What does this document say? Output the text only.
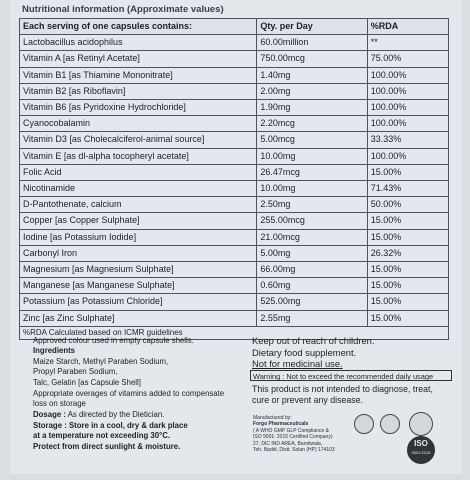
Nutritional information (Approximate values)
Each serving of one capsules contains:	Qty. per Day	%RDA
Lactobacillus acidophilus	60.00million	**
Vitamin A [as Retinyl Acetate]	750.00mcg	75.00%
Vitamin B1 [as Thiamine Mononitrate]	1.40mg	100.00%
Vitamin B2 [as Riboflavin]	2.00mg	100.00%
Vitamin B6 [as Pyridoxine Hydrochloride]	1.90mg	100.00%
Cyanocobalamin	2.20mcg	100.00%
Vitamin D3 [as Cholecalciferol-animal source]	5.00mcg	33.33%
Vitamin E [as dl-alpha tocopheryl acetate]	10.00mg	100.00%
Folic Acid	26.47mcg	15.00%
Nicotinamide	10.00mg	71.43%
D-Pantothenate, calcium	2.50mg	50.00%
Copper [as Copper Sulphate]	255.00mcg	15.00%
Iodine [as Potassium Iodide]	21.00mcg	15.00%
Carbonyl Iron	5.00mg	26.32%
Magnesium [as Magnesium Sulphate]	66.00mg	15.00%
Manganese [as Manganese Sulphate]	0.60mg	15.00%
Potassium [as Potassium Chloride]	525.00mg	15.00%
Zinc [as Zinc Sulphate]	2.55mg	15.00%
%RDA Calculated based on ICMR guidelines		
Approved colour used in empty capsule shells.
Ingredients
Maize Starch, Methyl Paraben Sodium,
Propyl Paraben Sodium,
Talc, Gelatin [as Capsule Shell]
Appropriate overages of vitamins added to compensate
loss on storage
Dosage : As directed by the Dietician.
Storage : Store in a cool, dry & dark place
at a temperature not exceeding 30°C.
Protect from direct sunlight & moisture.
Keep out of reach of children.
Dietary food supplement.
Not for medicinal use.
Warning : Not to exceed the recommended daily usage
This product is not intended to diagnose, treat,
cure or prevent any disease.
Manufactured by:
Forgo Pharmaceuticals
( A WHO GMP GLP Compliance &
ISO 9001: 2015 Certified Company)
27, DIC IND AREA, Barotiwala,
Teh. Baddi, Distt. Solan (HP) 174103
ISO
9001:2015
